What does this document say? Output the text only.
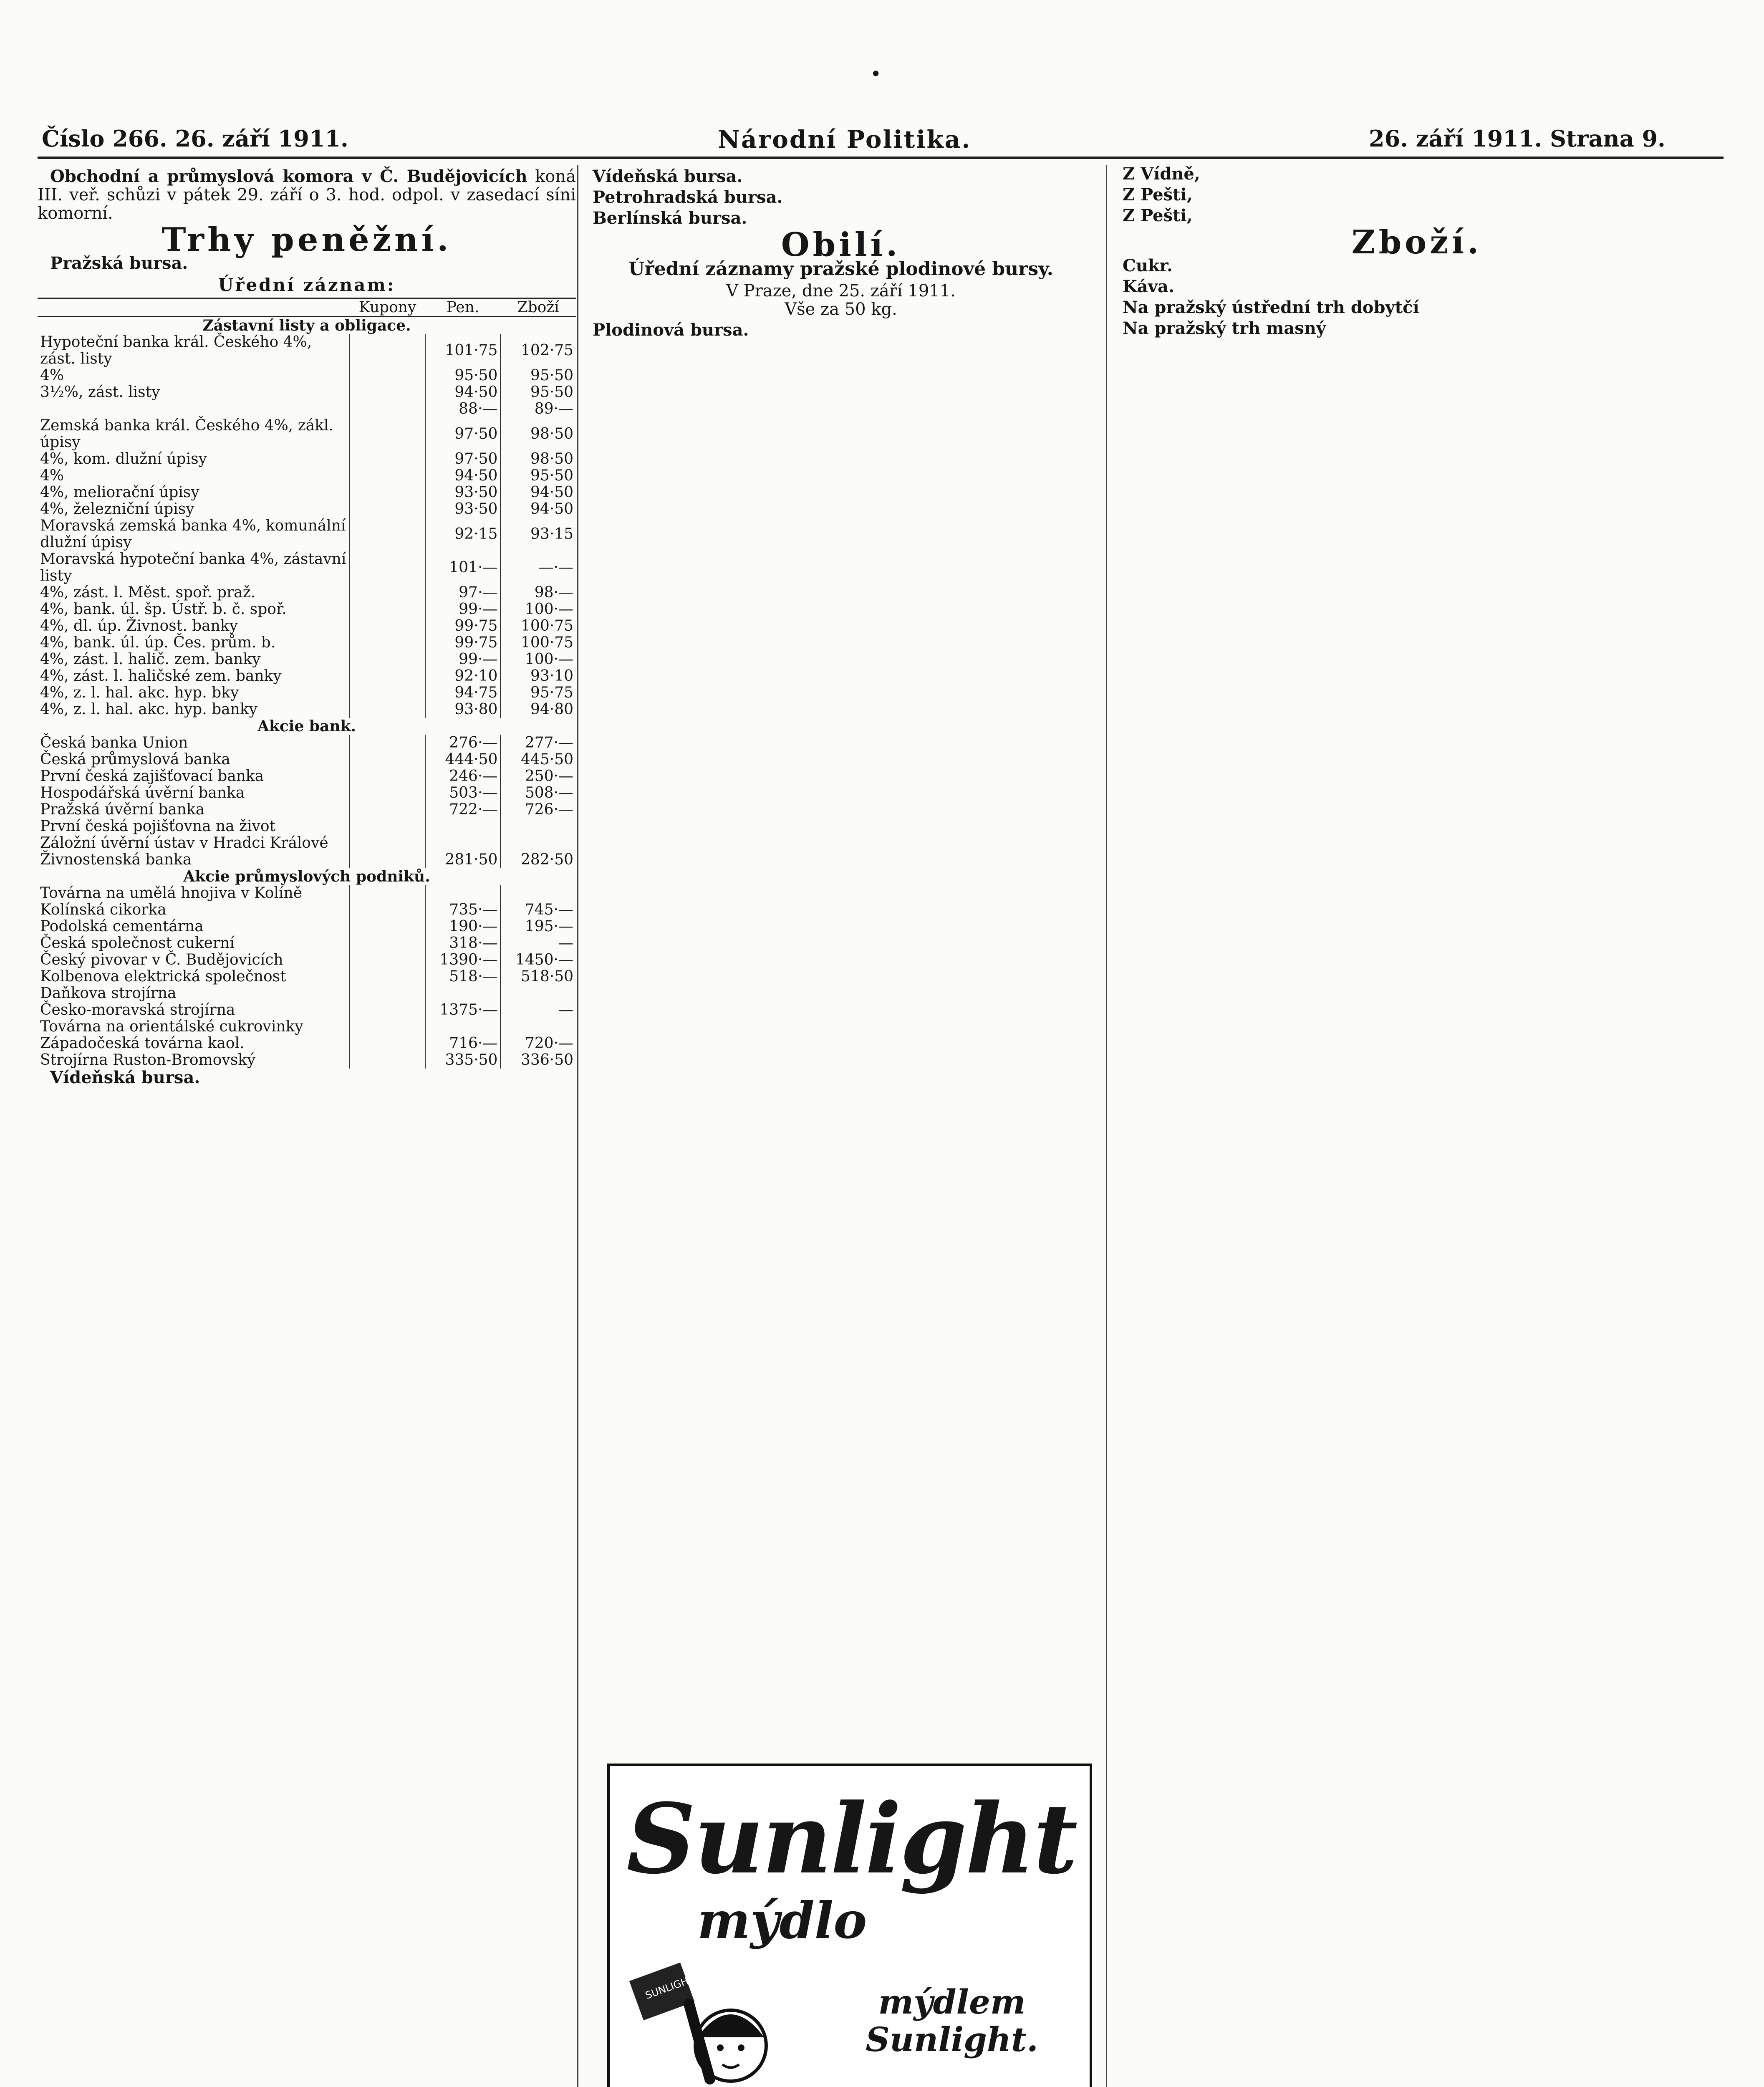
•
Číslo 266. 26. září 1911.	Národní Politika.	26. září 1911. Strana 9.

Obchodní a průmyslová komora v Č. Budějovicích koná III. veř. schůzi v pátek 29. září o 3. hod. odpol. v zasedací síni komorní.

Trhy peněžní.

Pražská bursa.

Úřední záznam:
	Kupony	Pen.	Zboží
Zástavní listy a obligace.			
Hypoteční banka král. Českého 4%, zást. listy		101·75	102·75
4%		95·50	95·50
3½%, zást. listy		94·50	95·50
		88·—	89·—
Zemská banka král. Českého 4%, zákl. úpisy		97·50	98·50
4%, kom. dlužní úpisy		97·50	98·50
4%		94·50	95·50
4%, meliorační úpisy		93·50	94·50
4%, železniční úpisy		93·50	94·50
Moravská zemská banka 4%, komunální dlužní úpisy		92·15	93·15
Moravská hypoteční banka 4%, zástavní listy		101·—	—·—
4%, zást. l. Měst. spoř. praž.		97·—	98·—
4%, bank. úl. šp. Ústř. b. č. spoř.		99·—	100·—
4%, dl. úp. Živnost. banky		99·75	100·75
4%, bank. úl. úp. Čes. prům. b.		99·75	100·75
4%, zást. l. halič. zem. banky		99·—	100·—
4%, zást. l. haličské zem. banky		92·10	93·10
4%, z. l. hal. akc. hyp. bky		94·75	95·75
4%, z. l. hal. akc. hyp. banky		93·80	94·80
Akcie bank.			
Česká banka Union		276·—	277·—
Česká průmyslová banka		444·50	445·50
První česká zajišťovací banka		246·—	250·—
Hospodářská úvěrní banka		503·—	508·—
Pražská úvěrní banka		722·—	726·—
První česká pojišťovna na život			
Záložní úvěrní ústav v Hradci Králové			
Živnostenská banka		281·50	282·50
Akcie průmyslových podniků.			
Továrna na umělá hnojiva v Kolíně			
Kolínská cikorka		735·—	745·—
Podolská cementárna		190·—	195·—
Česká společnost cukerní		318·—	—
Český pivovar v Č. Budějovicích		1390·—	1450·—
Kolbenova elektrická společnost		518·—	518·50
Daňkova strojírna			
Česko-moravská strojírna		1375·—	—
Továrna na orientálské cukrovinky			
Západočeská továrna kaol.		716·—	720·—
Strojírna Ruston-Bromovský		335·50	336·50

Vídeňská bursa.

Vídeňská bursa.

Petrohradská bursa.

Berlínská bursa.

Obilí.
Úřední záznamy pražské plodinové bursy.
V Praze, dne 25. září 1911.
Vše za 50 kg.

Plodinová bursa.

Sunlight
mýdlo
SUNLIGHT	mýdlem Sunlight.

Z Vídně,

Z Pešti,

Z Pešti,

Zboží.

Cukr.

Káva.

Na pražský ústřední trh dobytčí

Na pražský trh masný
